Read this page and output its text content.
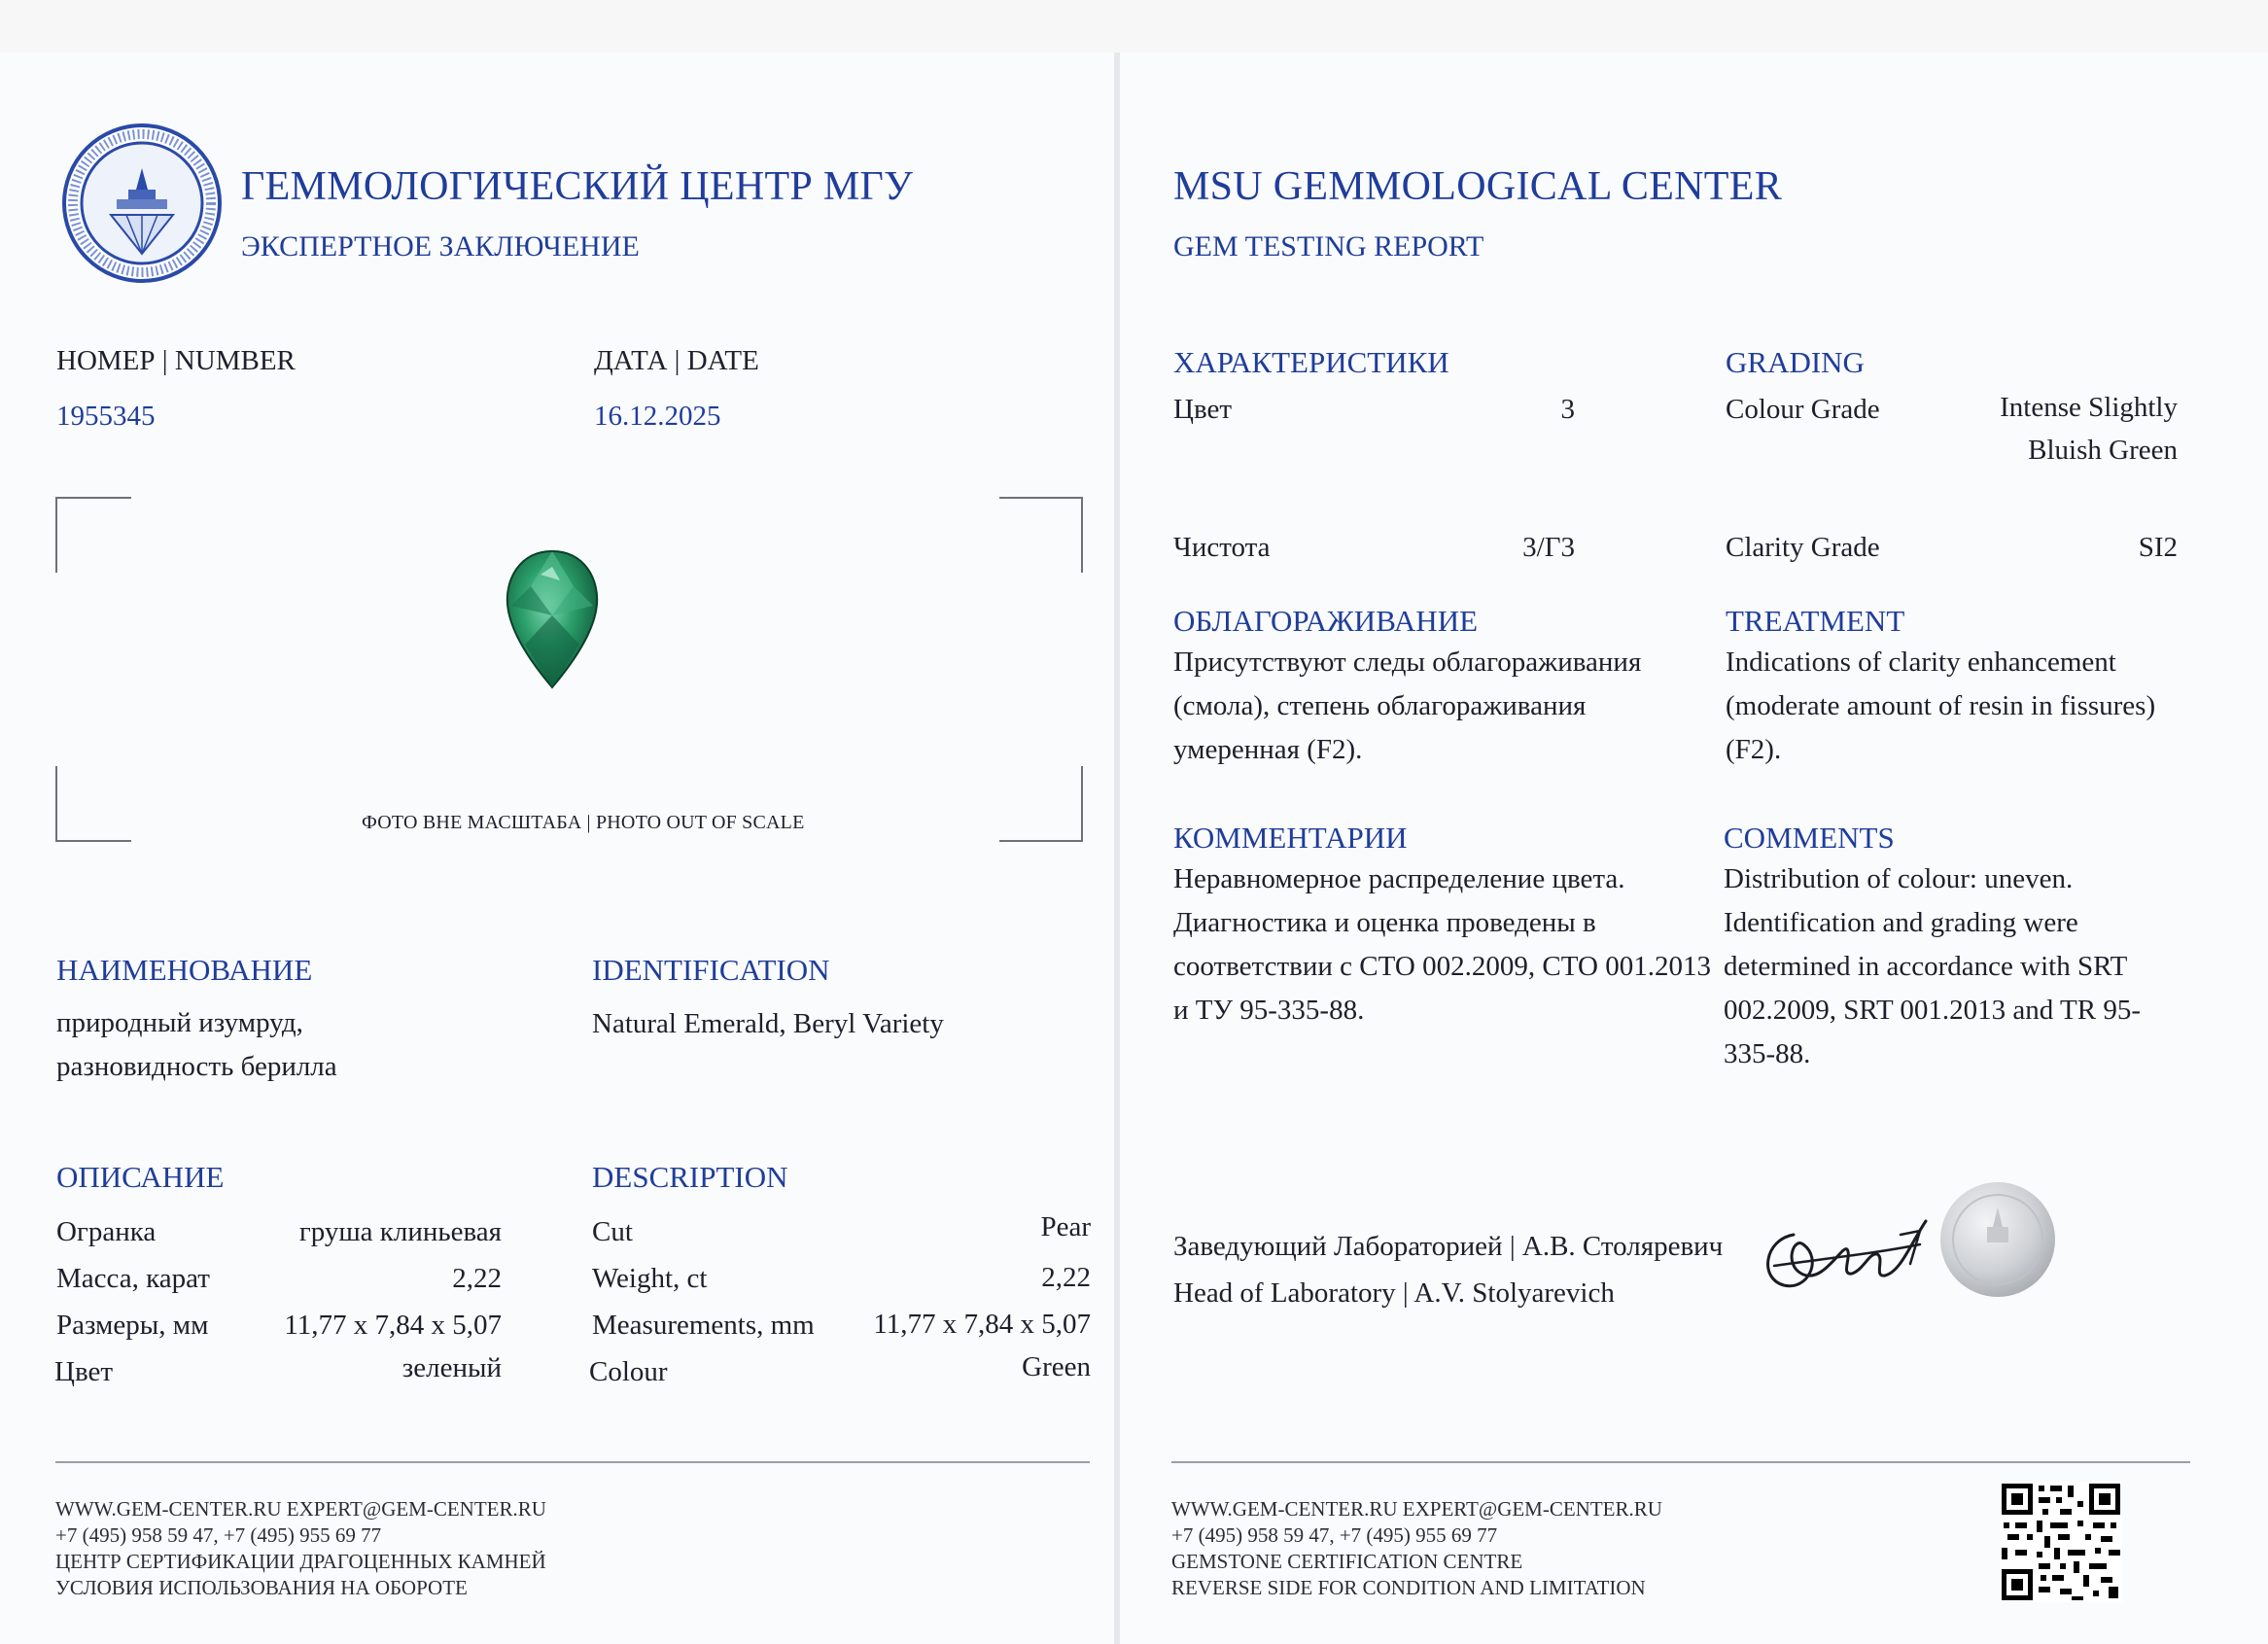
ГЕММОЛОГИЧЕСКИЙ ЦЕНТР МГУ
ЭКСПЕРТНОЕ ЗАКЛЮЧЕНИЕ
НОМЕР | NUMBER
1955345
ДАТА | DATE
16.12.2025
ФОТО ВНЕ МАСШТАБА | PHOTO OUT OF SCALE
НАИМЕНОВАНИЕ
природный изумруд, разновидность берилла
IDENTIFICATION
Natural Emerald, Beryl Variety
ОПИСАНИЕ	DESCRIPTION
Огранка	груша клиньевая
Масса, карат	2,22
Размеры, мм	11,77 x 7,84 x 5,07
Цвет	зеленый
Cut	Pear
Weight, ct	2,22
Measurements, mm	11,77 x 7,84 x 5,07
Colour	Green
WWW.GEM-CENTER.RU EXPERT@GEM-CENTER.RU
+7 (495) 958 59 47, +7 (495) 955 69 77
ЦЕНТР СЕРТИФИКАЦИИ ДРАГОЦЕННЫХ КАМНЕЙ
УСЛОВИЯ ИСПОЛЬЗОВАНИЯ НА ОБОРОТЕ
MSU GEMMOLOGICAL CENTER
GEM TESTING REPORT
ХАРАКТЕРИСТИКИ	GRADING
Цвет	3	Colour Grade	Intense Slightly
Bluish Green
Чистота	3/Г3	Clarity Grade	SI2
ОБЛАГОРАЖИВАНИЕ
Присутствуют следы облагораживания (смола), степень облагораживания умеренная (F2).
TREATMENT
Indications of clarity enhancement (moderate amount of resin in fissures) (F2).
КОММЕНТАРИИ
Неравномерное распределение цвета. Диагностика и оценка проведены в соответствии с СТО 002.2009, СТО 001.2013 и ТУ 95-335-88.
COMMENTS
Distribution of colour: uneven. Identification and grading were determined in accordance with SRT 002.2009, SRT 001.2013 and TR 95-335-88.
Заведующий Лабораторией | А.В. Столяревич
Head of Laboratory | A.V. Stolyarevich
WWW.GEM-CENTER.RU EXPERT@GEM-CENTER.RU
+7 (495) 958 59 47, +7 (495) 955 69 77
GEMSTONE CERTIFICATION CENTRE
REVERSE SIDE FOR CONDITION AND LIMITATION
